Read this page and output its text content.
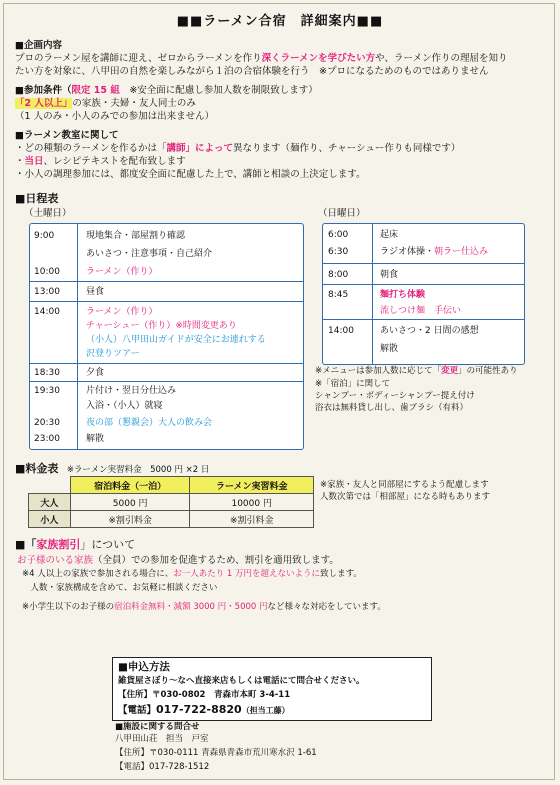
■■ラーメン合宿　詳細案内■■
■企画内容
プロのラーメン屋を講師に迎え、ゼロからラーメンを作り深くラーメンを学びたい方や、ラーメン作りの理屈を知り
たい方を対象に、八甲田の自然を楽しみながら１泊の合宿体験を行う　※プロになるためのものではありません
■参加条件（限定 15 組　※安全面に配慮し参加人数を制限致します）
「2 人以上」の家族・夫婦・友人同士のみ
（1 人のみ・小人のみでの参加は出来ません）
■ラーメン教室に関して
・どの種類のラーメンを作るかは「講師」によって異なります（麺作り、チャーシュー作りも同様です）
・当日、レシピテキストを配布致します
・小人の調理参加には、都度安全面に配慮した上で、講師と相談の上決定します。
■日程表
（土曜日）	（日曜日）
9:00	現地集合・部屋割り確認
あいさつ・注意事項・自己紹介
10:00	ラーメン（作り）
13:00	昼食
14:00	ラーメン（作り）
チャーシュー（作り）※時間変更あり
（小人）八甲田山ガイドが安全にお連れする
沢登りツアー
18:30	夕食
19:30	片付け・翌日分仕込み
入浴・（小人）就寝
20:30	夜の部（懇親会）大人の飲み会
23:00	解散
6:00	起床
6:30	ラジオ体操・朝ラー仕込み
8:00	朝食
8:45	麺打ち体験
流しつけ麺　手伝い
14:00	あいさつ・2 日間の感想
解散
※メニューは参加人数に応じて「変更」の可能性あり
※「宿泊」に関して
シャンプー・ボディーシャンプー提え付け
浴衣は無料貸し出し、歯ブラシ（有料）
■料金表　※ラーメン実習料金　5000 円 ×2 日
	宿泊料金（一泊）	ラーメン実習料金
大人	5000 円	10000 円
小人	※割引料金	※割引料金
※家族・友人と同部屋にするよう配慮します
人数次第では「相部屋」になる時もあります
■「家族割引」について
お子様のいる家族（全員）での参加を促進するため、割引を適用致します。
※4 人以上の家族で参加される場合に、お一人あたり 1 万円を超えないように致します。
　人数・家族構成を含めて、お気軽に相談ください
※小学生以下のお子様の宿泊料金無料・減額 3000 円・5000 円など様々な対応をしています。
■申込方法
雑貨屋さぼり～なへ直接来店もしくは電話にて問合せください。
【住所】〒030-0802　青森市本町 3-4-11
【電話】017-722-8820（担当工藤）
■施設に関する問合せ
八甲田山荘　担当　戸室
【住所】〒030-0111 青森県青森市荒川寒水沢 1-61
【電話】017-728-1512
